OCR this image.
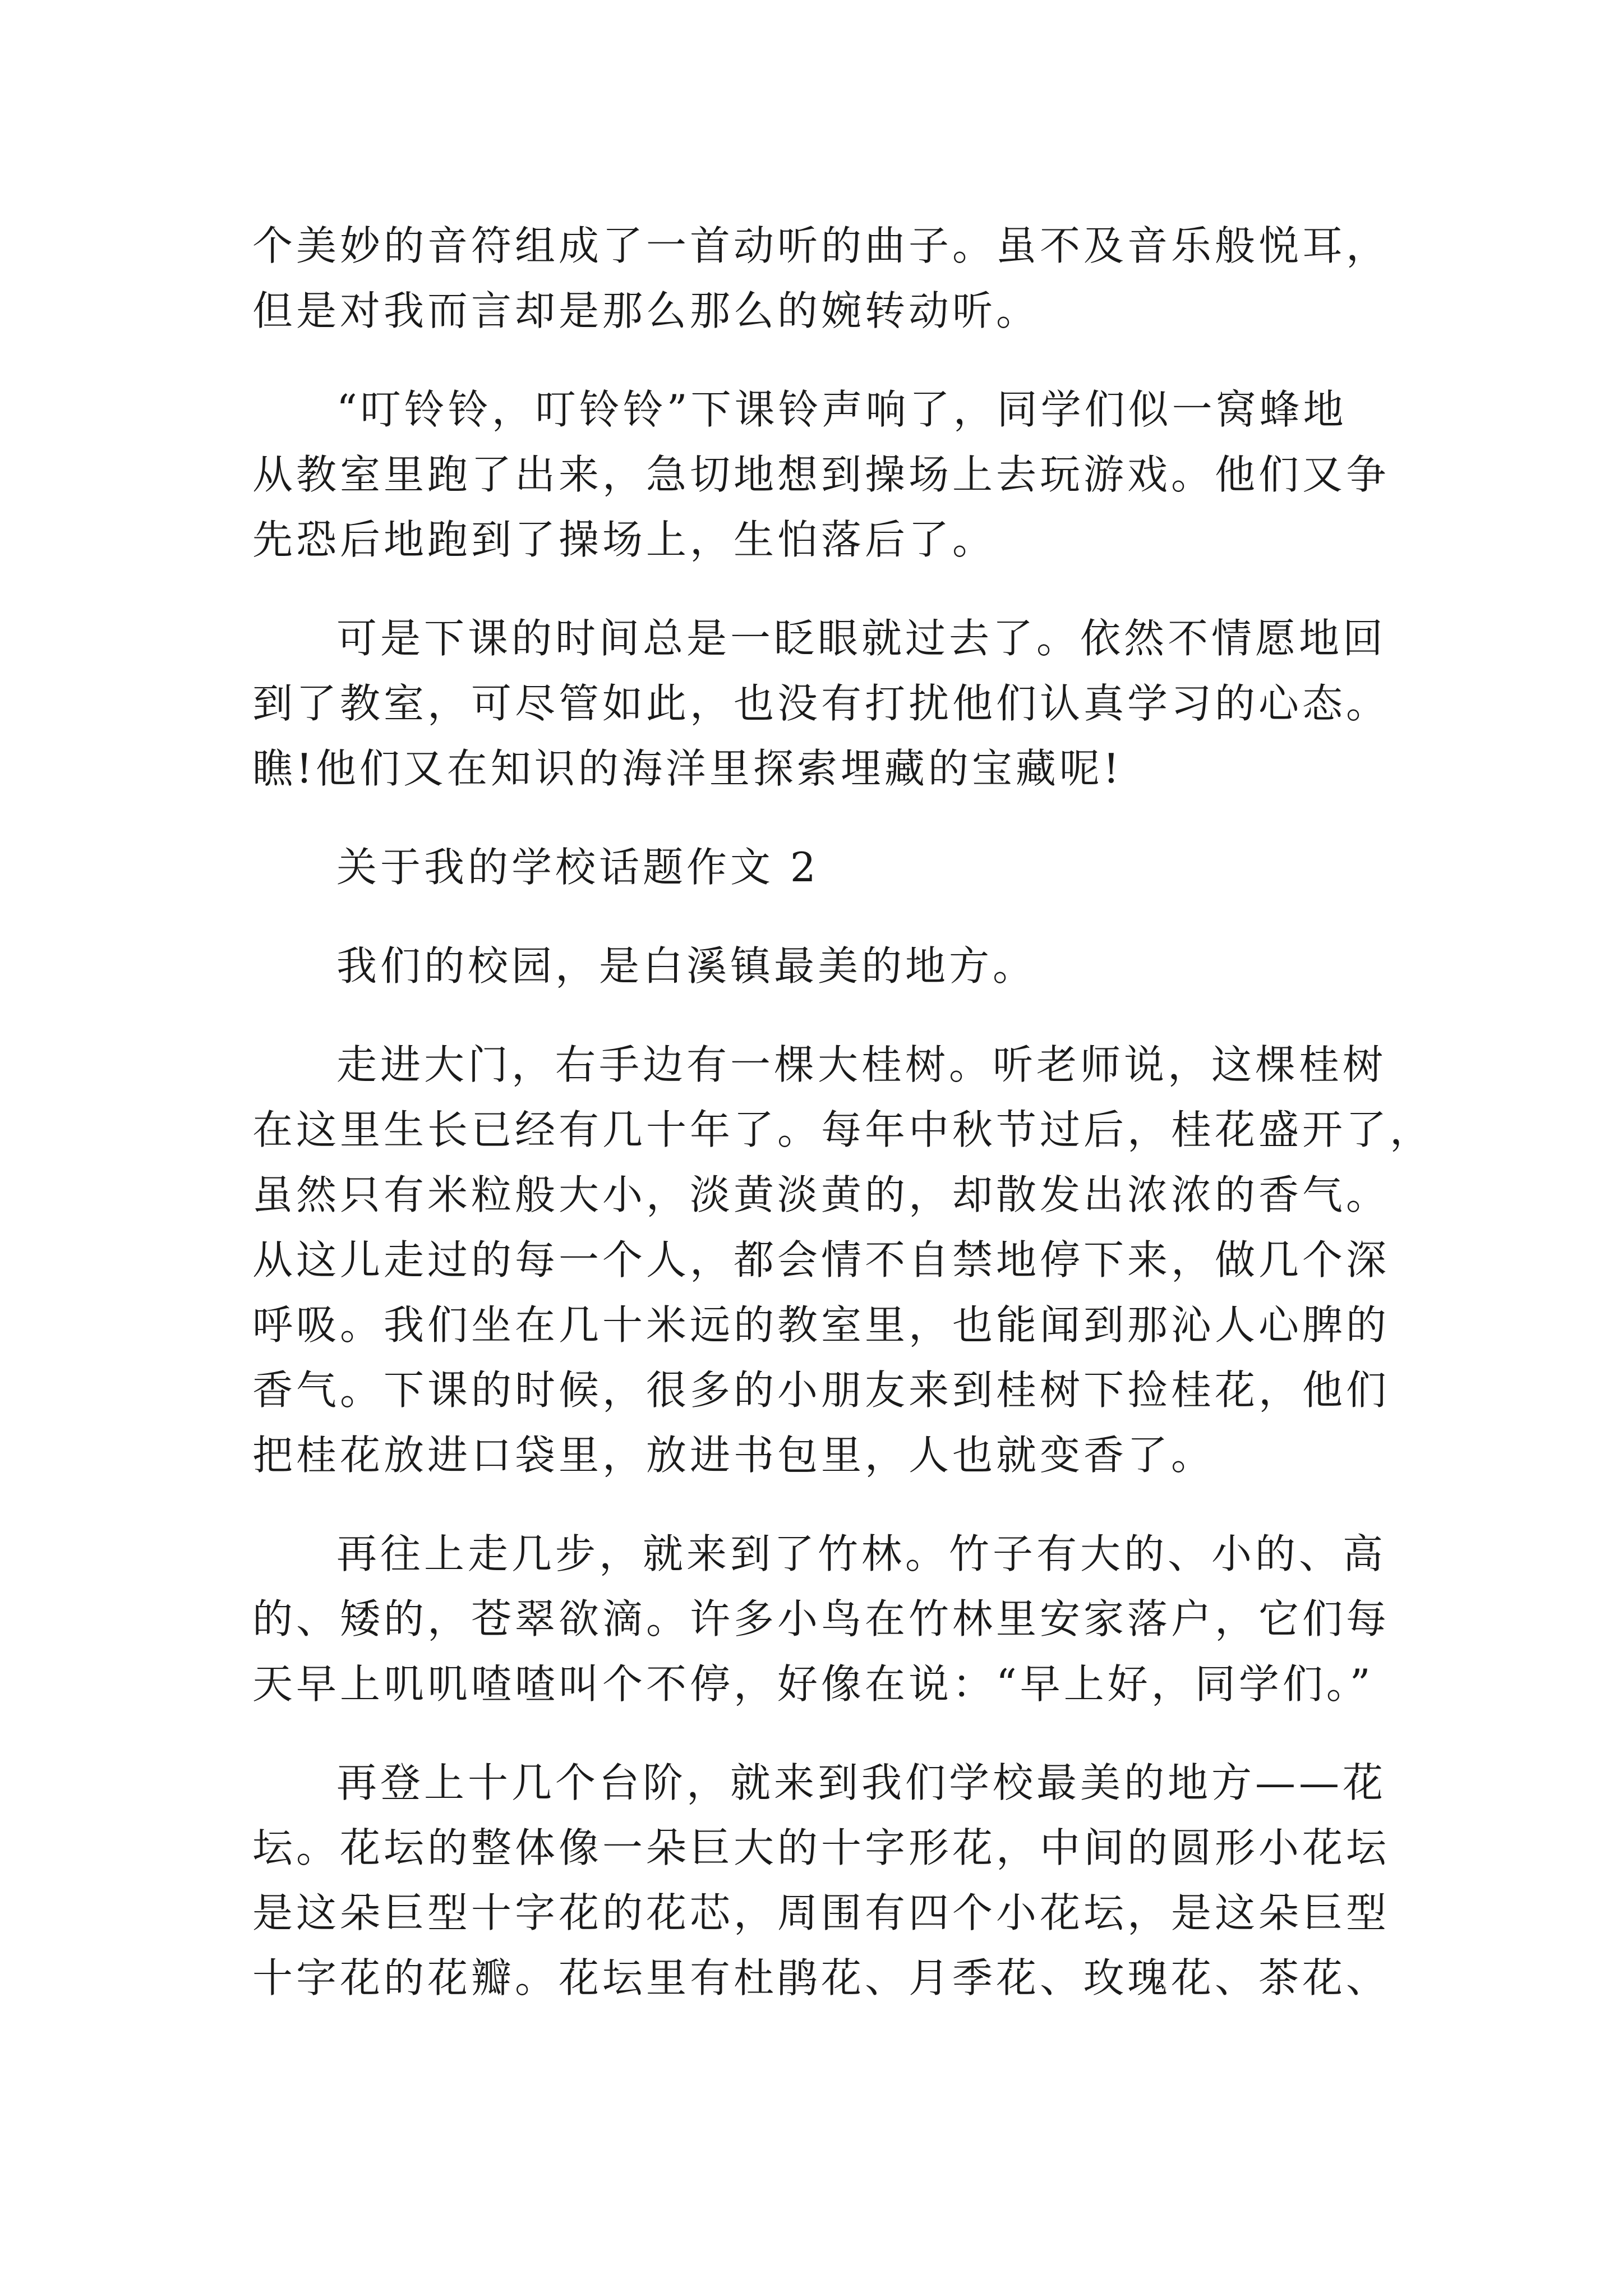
个美妙的音符组成了一首动听的曲子。虽不及音乐般悦耳，
但是对我而言却是那么那么的婉转动听。
“叮铃铃，叮铃铃”下课铃声响了，同学们似一窝蜂地
从教室里跑了出来，急切地想到操场上去玩游戏。他们又争
先恐后地跑到了操场上，生怕落后了。
可是下课的时间总是一眨眼就过去了。依然不情愿地回
到了教室，可尽管如此，也没有打扰他们认真学习的心态。
瞧!他们又在知识的海洋里探索埋藏的宝藏呢!
关于我的学校话题作文 2
我们的校园，是白溪镇最美的地方。
走进大门，右手边有一棵大桂树。听老师说，这棵桂树
在这里生长已经有几十年了。每年中秋节过后，桂花盛开了，
虽然只有米粒般大小，淡黄淡黄的，却散发出浓浓的香气。
从这儿走过的每一个人，都会情不自禁地停下来，做几个深
呼吸。我们坐在几十米远的教室里，也能闻到那沁人心脾的
香气。下课的时候，很多的小朋友来到桂树下捡桂花，他们
把桂花放进口袋里，放进书包里，人也就变香了。
再往上走几步，就来到了竹林。竹子有大的、小的、高
的、矮的，苍翠欲滴。许多小鸟在竹林里安家落户，它们每
天早上叽叽喳喳叫个不停，好像在说：“早上好，同学们。”
再登上十几个台阶，就来到我们学校最美的地方——花
坛。花坛的整体像一朵巨大的十字形花，中间的圆形小花坛
是这朵巨型十字花的花芯，周围有四个小花坛，是这朵巨型
十字花的花瓣。花坛里有杜鹃花、月季花、玫瑰花、茶花、
